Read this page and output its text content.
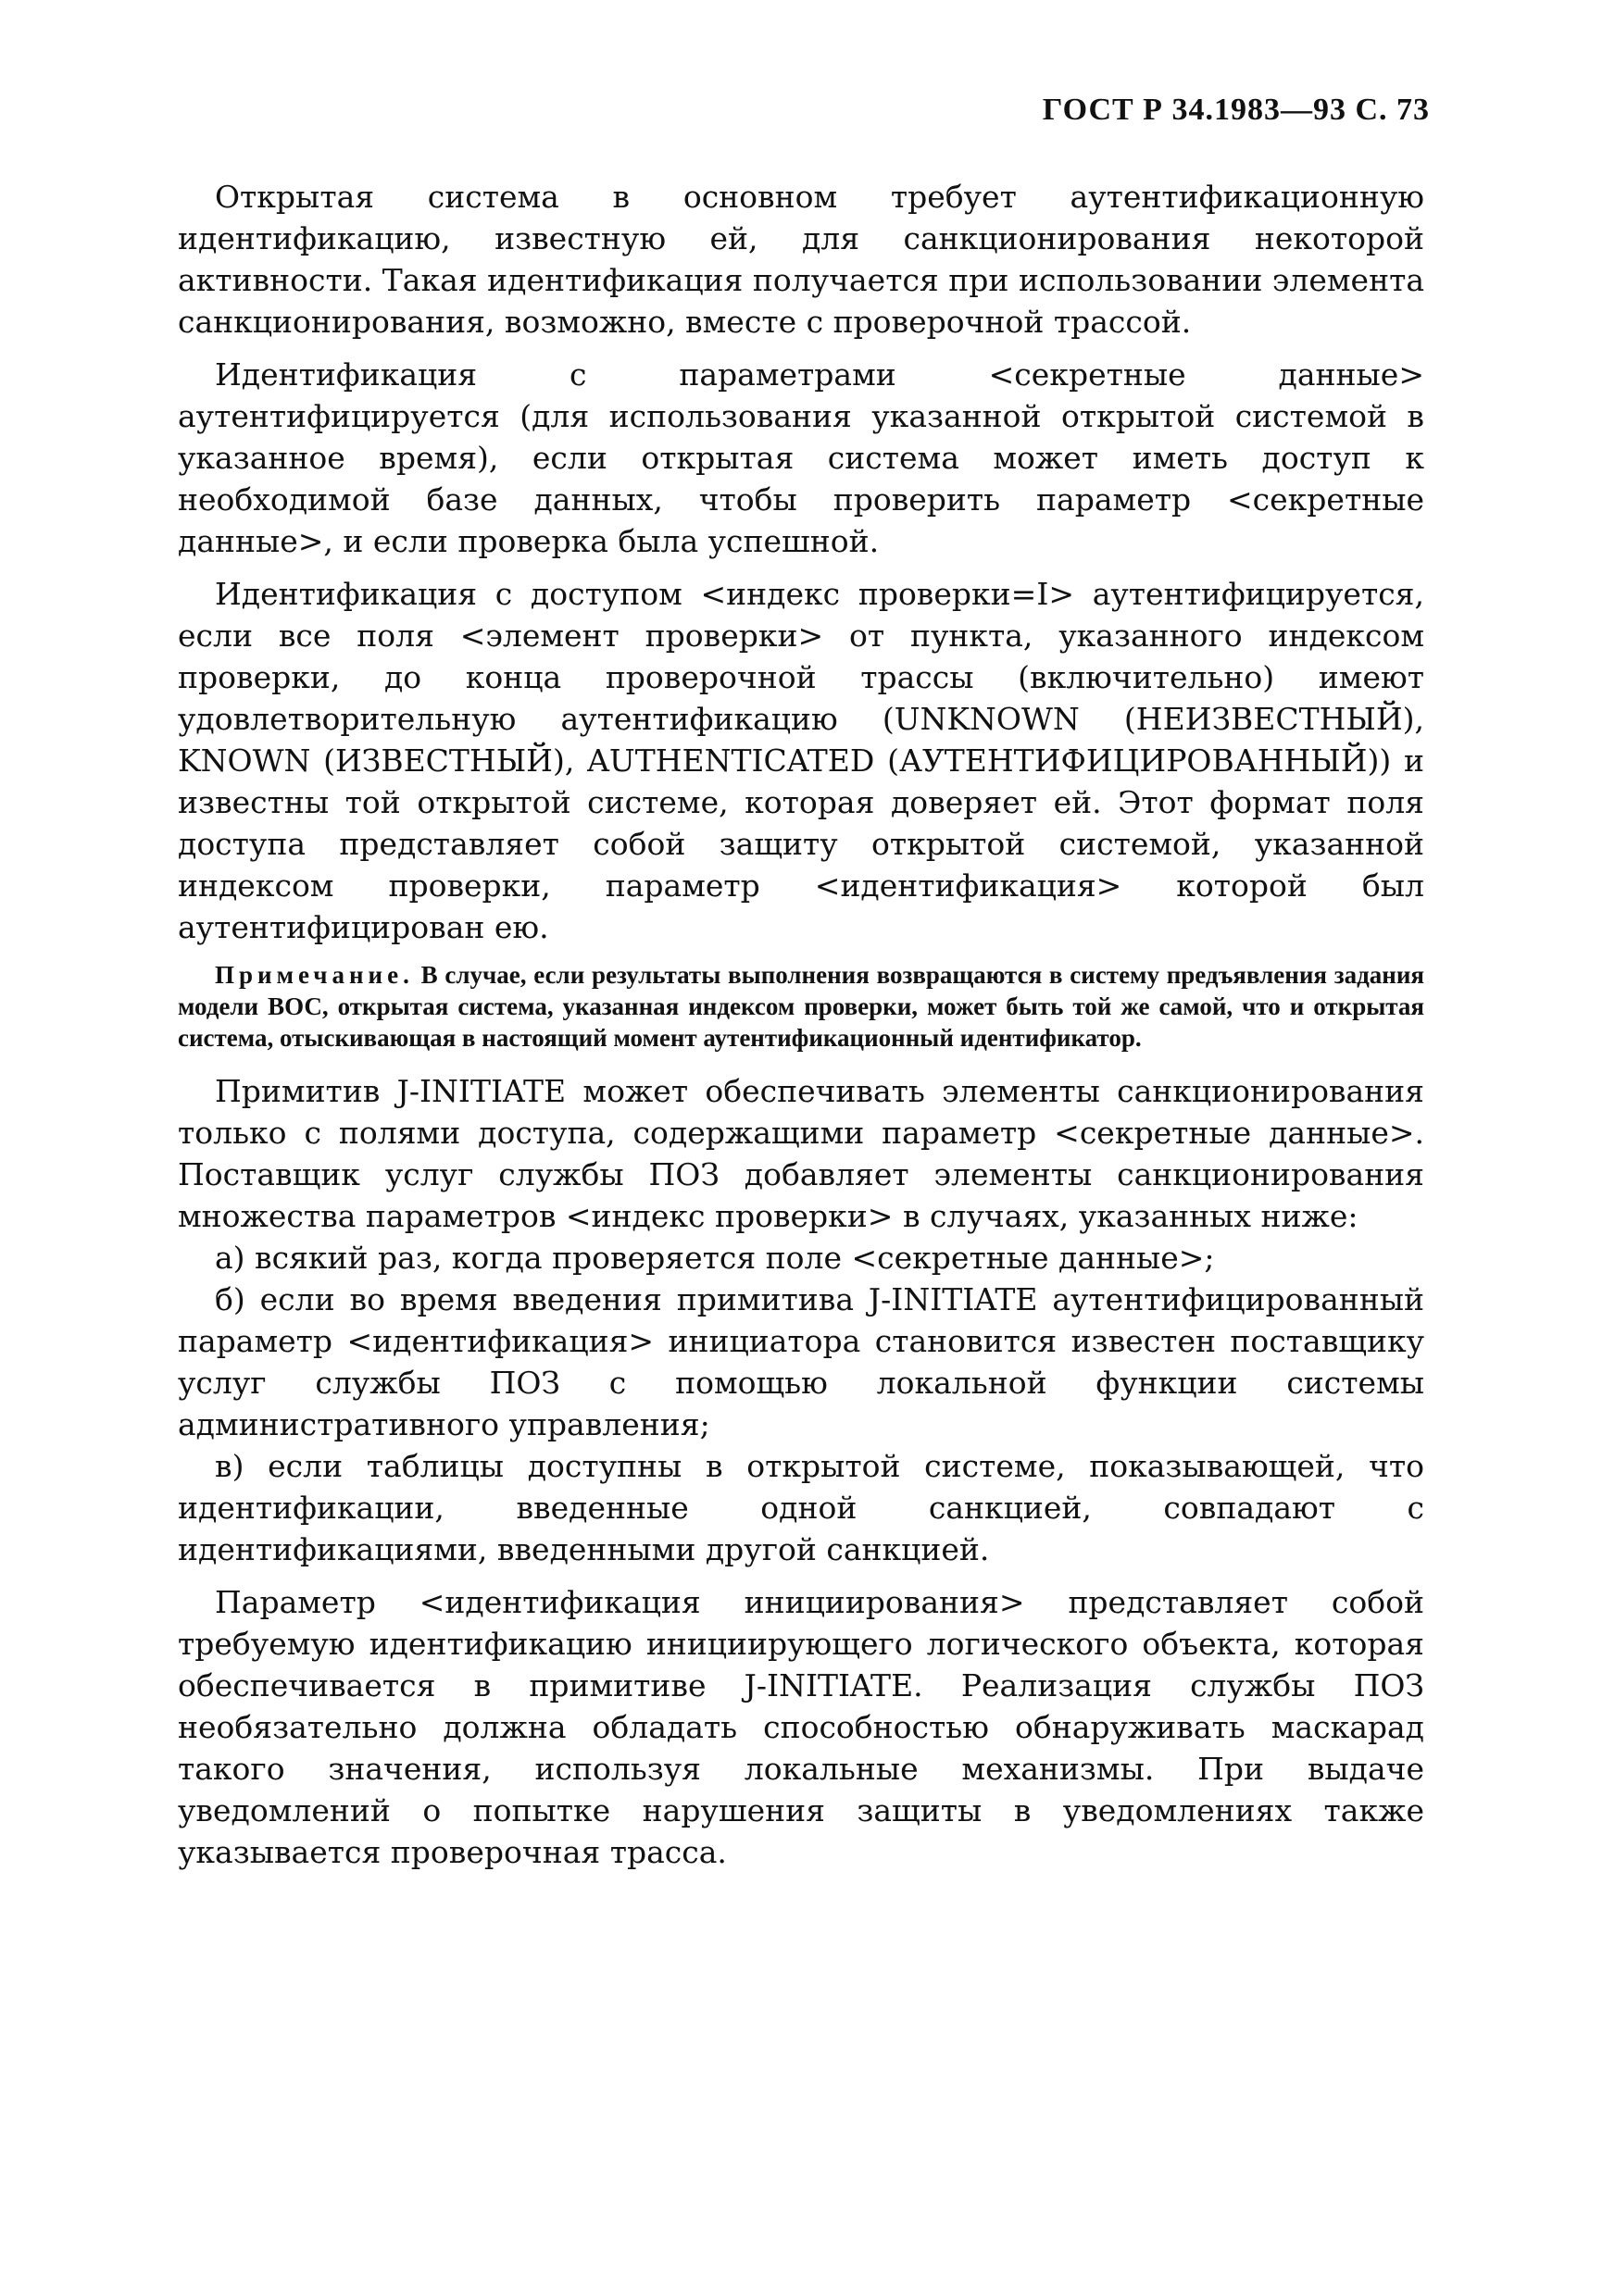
ГОСТ Р 34.1983—93 С. 73

Открытая система в основном требует аутентификационную идентификацию, известную ей, для санкционирования некоторой активности. Такая идентификация получается при использовании элемента санкционирования, возможно, вместе с проверочной трассой.

Идентификация с параметрами <секретные данные> аутентифицируется (для использования указанной открытой системой в указанное время), если открытая система может иметь доступ к необходимой базе данных, чтобы проверить параметр <секретные данные>, и если проверка была успешной.

Идентификация с доступом <индекс проверки=I> аутентифицируется, если все поля <элемент проверки> от пункта, указанного индексом проверки, до конца проверочной трассы (включительно) имеют удовлетворительную аутентификацию (UNKNOWN (НЕИЗВЕСТНЫЙ), KNOWN (ИЗВЕСТНЫЙ), AUTHENTICATED (АУТЕНТИФИЦИРОВАННЫЙ)) и известны той открытой системе, которая доверяет ей. Этот формат поля доступа представляет собой защиту открытой системой, указанной индексом проверки, параметр <идентификация> которой был аутентифицирован ею.

Примечание. В случае, если результаты выполнения возвращаются в систему предъявления задания модели ВОС, открытая система, указанная индексом проверки, может быть той же самой, что и открытая система, отыскивающая в настоящий момент аутентификационный идентификатор.

Примитив J-INITIATE может обеспечивать элементы санкционирования только с полями доступа, содержащими параметр <секретные данные>. Поставщик услуг службы ПОЗ добавляет элементы санкционирования множества параметров <индекс проверки> в случаях, указанных ниже:

а) всякий раз, когда проверяется поле <секретные данные>;

б) если во время введения примитива J-INITIATE аутентифицированный параметр <идентификация> инициатора становится известен поставщику услуг службы ПОЗ с помощью локальной функции системы административного управления;

в) если таблицы доступны в открытой системе, показывающей, что идентификации, введенные одной санкцией, совпадают с идентификациями, введенными другой санкцией.

Параметр <идентификация инициирования> представляет собой требуемую идентификацию инициирующего логического объекта, которая обеспечивается в примитиве J-INITIATE. Реализация службы ПОЗ необязательно должна обладать способностью обнаруживать маскарад такого значения, используя локальные механизмы. При выдаче уведомлений о попытке нарушения защиты в уведомлениях также указывается проверочная трасса.
